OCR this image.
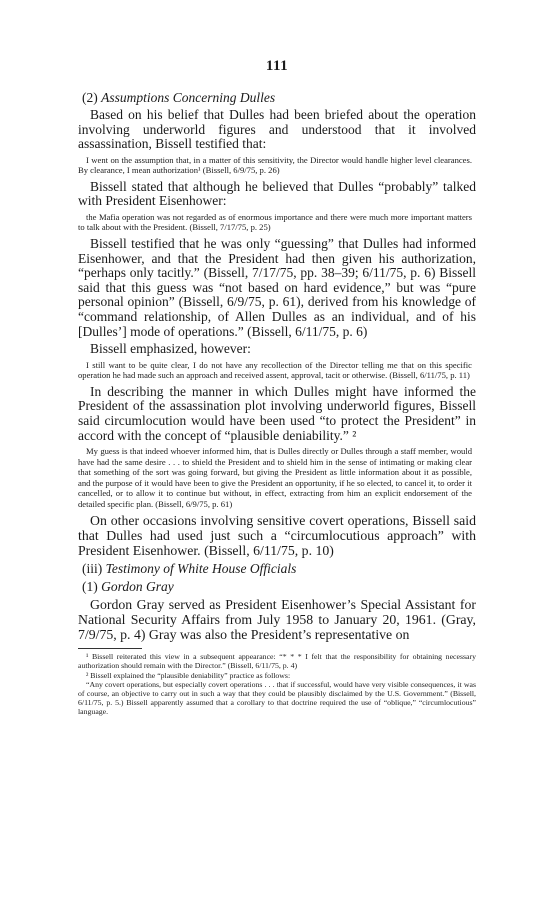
111
(2) Assumptions Concerning Dulles

Based on his belief that Dulles had been briefed about the operation involving underworld figures and understood that it involved assassination, Bissell testified that:

I went on the assumption that, in a matter of this sensitivity, the Director would handle higher level clearances. By clearance, I mean authorization¹ (Bissell, 6/9/75, p. 26)

Bissell stated that although he believed that Dulles “probably” talked with President Eisenhower:

the Mafia operation was not regarded as of enormous importance and there were much more important matters to talk about with the President. (Bissell, 7/17/75, p. 25)

Bissell testified that he was only “guessing” that Dulles had informed Eisenhower, and that the President had then given his authorization, “perhaps only tacitly.” (Bissell, 7/17/75, pp. 38–39; 6/11/75, p. 6) Bissell said that this guess was “not based on hard evidence,” but was “pure personal opinion” (Bissell, 6/9/75, p. 61), derived from his knowledge of “command relationship, of Allen Dulles as an individual, and of his [Dulles’] mode of operations.” (Bissell, 6/11/75, p. 6)

Bissell emphasized, however:

I still want to be quite clear, I do not have any recollection of the Director telling me that on this specific operation he had made such an approach and received assent, approval, tacit or otherwise. (Bissell, 6/11/75, p. 11)

In describing the manner in which Dulles might have informed the President of the assassination plot involving underworld figures, Bissell said circumlocution would have been used “to protect the President” in accord with the concept of “plausible deniability.” ²

My guess is that indeed whoever informed him, that is Dulles directly or Dulles through a staff member, would have had the same desire . . . to shield the President and to shield him in the sense of intimating or making clear that something of the sort was going forward, but giving the President as little information about it as possible, and the purpose of it would have been to give the President an opportunity, if he so elected, to cancel it, to order it cancelled, or to allow it to continue but without, in effect, extracting from him an explicit endorsement of the detailed specific plan. (Bissell, 6/9/75, p. 61)

On other occasions involving sensitive covert operations, Bissell said that Dulles had used just such a “circumlocutious approach” with President Eisenhower. (Bissell, 6/11/75, p. 10)

(iii) Testimony of White House Officials
(1) Gordon Gray

Gordon Gray served as President Eisenhower’s Special Assistant for National Security Affairs from July 1958 to January 20, 1961. (Gray, 7/9/75, p. 4) Gray was also the President’s representative on

¹ Bissell reiterated this view in a subsequent appearance: “* * * I felt that the responsibility for obtaining necessary authorization should remain with the Director.” (Bissell, 6/11/75, p. 4)

² Bissell explained the “plausible deniability” practice as follows:

“Any covert operations, but especially covert operations . . . that if successful, would have very visible consequences, it was of course, an objective to carry out in such a way that they could be plausibly disclaimed by the U.S. Government.” (Bissell, 6/11/75, p. 5.) Bissell apparently assumed that a corollary to that doctrine required the use of “oblique,” “circumlocutious” language.
